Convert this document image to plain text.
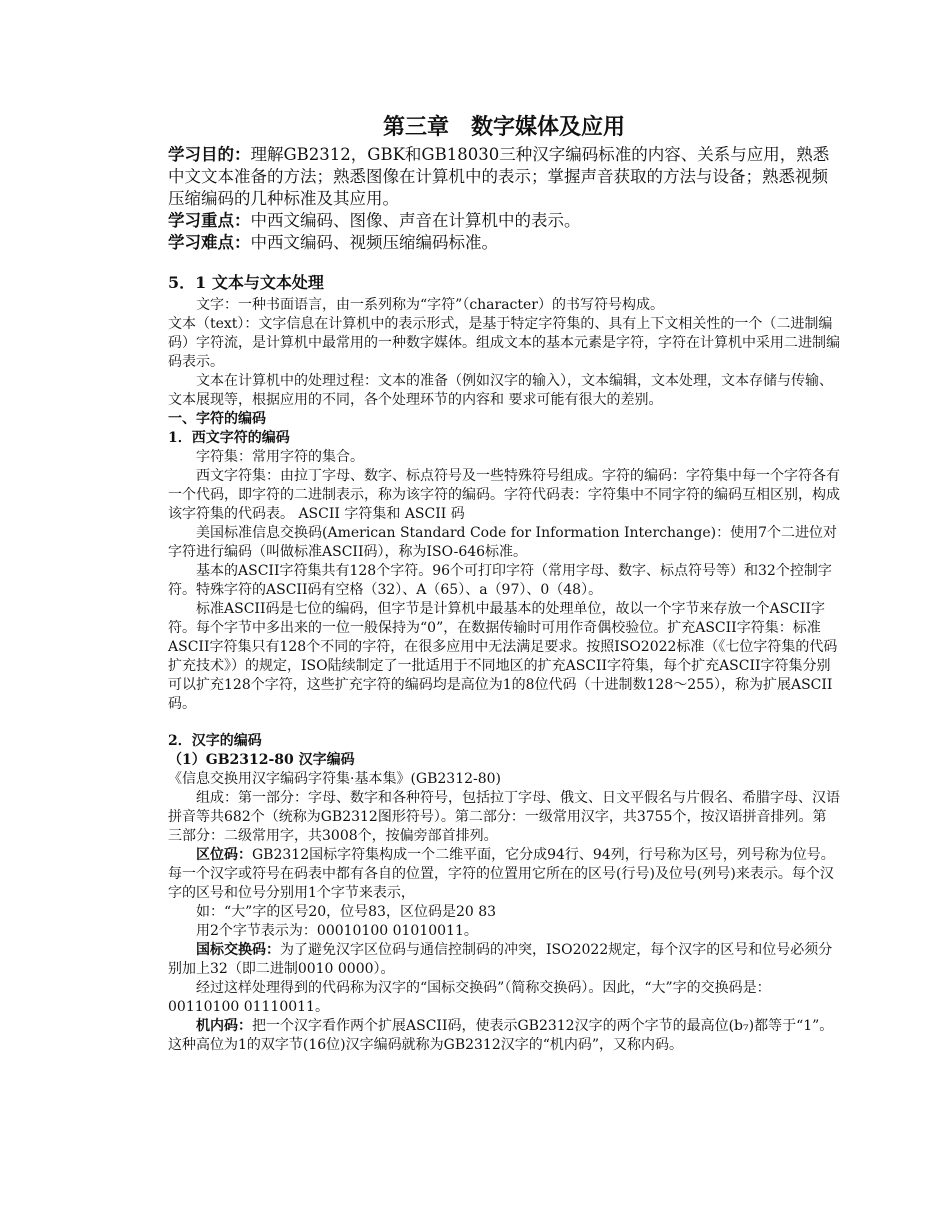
第三章　数字媒体及应用

学习目的：理解GB2312，GBK和GB18030三种汉字编码标准的内容、关系与应用，熟悉中文文本准备的方法；熟悉图像在计算机中的表示；掌握声音获取的方法与设备；熟悉视频压缩编码的几种标准及其应用。

学习重点：中西文编码、图像、声音在计算机中的表示。

学习难点：中西文编码、视频压缩编码标准。

5．1 文本与文本处理

文字：一种书面语言，由一系列称为“字符”（character）的书写符号构成。

文本（text）：文字信息在计算机中的表示形式，是基于特定字符集的、具有上下文相关性的一个（二进制编码）字符流，是计算机中最常用的一种数字媒体。组成文本的基本元素是字符，字符在计算机中采用二进制编码表示。

文本在计算机中的处理过程：文本的准备（例如汉字的输入），文本编辑，文本处理，文本存储与传输、文本展现等，根据应用的不同，各个处理环节的内容和 要求可能有很大的差别。

一、字符的编码
1．西文字符的编码

字符集：常用字符的集合。

西文字符集：由拉丁字母、数字、标点符号及一些特殊符号组成。字符的编码：字符集中每一个字符各有一个代码，即字符的二进制表示，称为该字符的编码。字符代码表：字符集中不同字符的编码互相区别，构成该字符集的代码表。 ASCII 字符集和 ASCII 码

美国标准信息交换码(American Standard Code for Information Interchange)：使用7个二进位对字符进行编码（叫做标准ASCII码），称为ISO-646标准。

基本的ASCII字符集共有128个字符。96个可打印字符（常用字母、数字、标点符号等）和32个控制字符。特殊字符的ASCII码有空格（32）、A（65）、a（97）、0（48）。

标准ASCII码是七位的编码，但字节是计算机中最基本的处理单位，故以一个字节来存放一个ASCII字符。每个字节中多出来的一位一般保持为“0”，在数据传输时可用作奇偶校验位。扩充ASCII字符集：标准ASCII字符集只有128个不同的字符，在很多应用中无法满足要求。按照ISO2022标准（《七位字符集的代码扩充技术》）的规定，ISO陆续制定了一批适用于不同地区的扩充ASCII字符集，每个扩充ASCII字符集分别可以扩充128个字符，这些扩充字符的编码均是高位为1的8位代码（十进制数128～255），称为扩展ASCII码。

2．汉字的编码
（1）GB2312-80 汉字编码

《信息交换用汉字编码字符集·基本集》(GB2312-80)

组成：第一部分：字母、数字和各种符号，包括拉丁字母、俄文、日文平假名与片假名、希腊字母、汉语拼音等共682个（统称为GB2312图形符号）。第二部分：一级常用汉字，共3755个，按汉语拼音排列。第三部分：二级常用字，共3008个，按偏旁部首排列。

区位码：GB2312国标字符集构成一个二维平面，它分成94行、94列，行号称为区号，列号称为位号。每一个汉字或符号在码表中都有各自的位置，字符的位置用它所在的区号(行号)及位号(列号)来表示。每个汉字的区号和位号分别用1个字节来表示，

如：“大”字的区号20，位号83，区位码是20 83

用2个字节表示为：00010100 01010011。

国标交换码：为了避免汉字区位码与通信控制码的冲突，ISO2022规定，每个汉字的区号和位号必须分别加上32（即二进制0010 0000）。

经过这样处理得到的代码称为汉字的“国标交换码”（简称交换码）。因此，“大”字的交换码是：00110100 01110011。

机内码：把一个汉字看作两个扩展ASCII码，使表示GB2312汉字的两个字节的最高位(b₇)都等于“1”。这种高位为1的双字节(16位)汉字编码就称为GB2312汉字的“机内码”，又称内码。
